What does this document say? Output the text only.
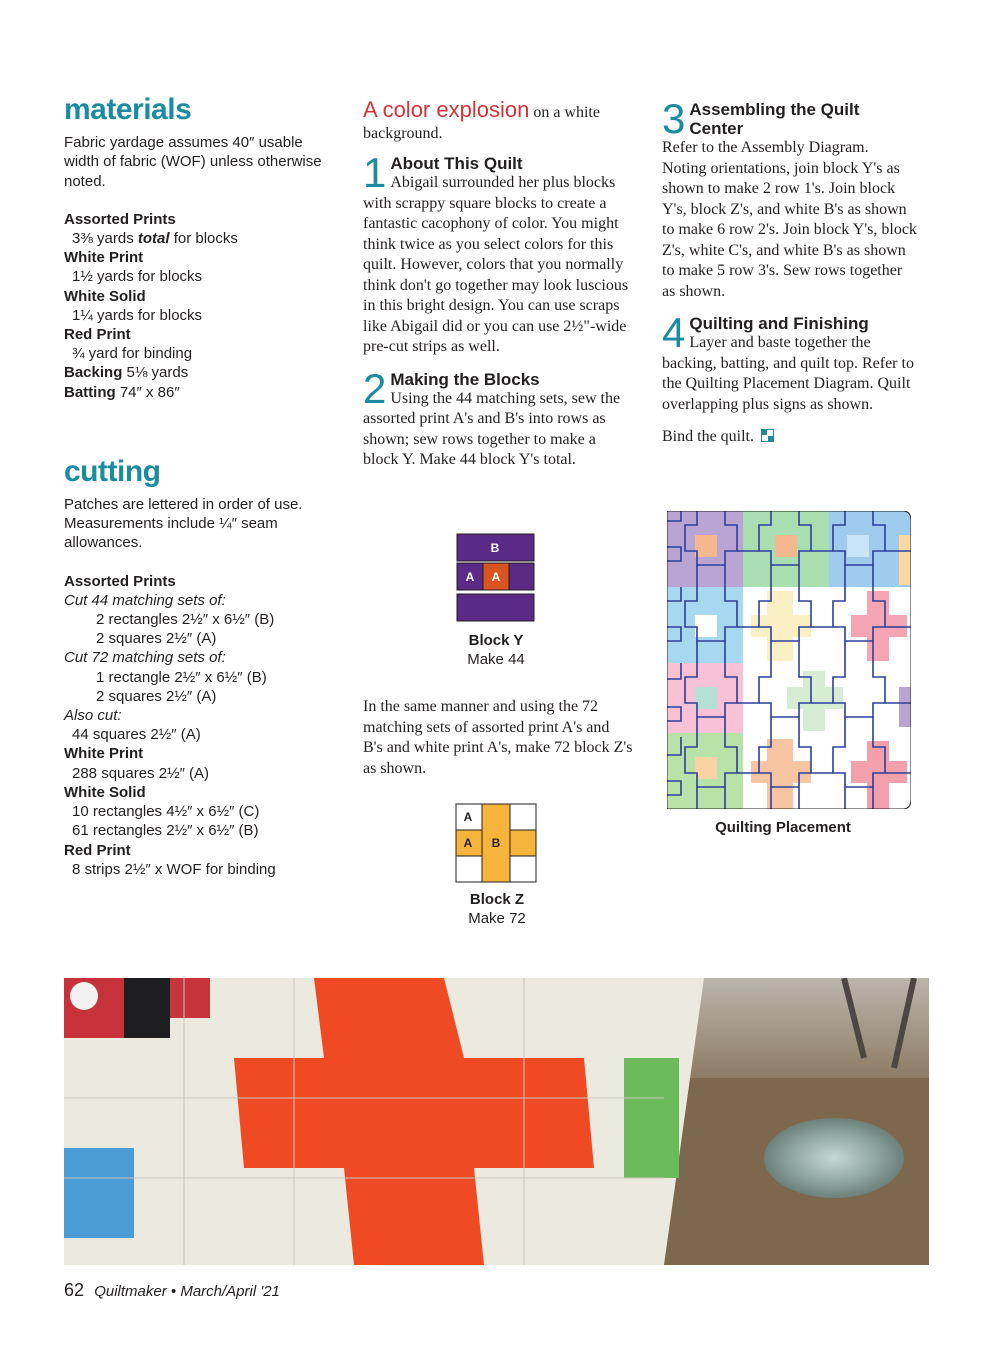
materials

Fabric yardage assumes 40″ usable width of fabric (WOF) unless otherwise noted.

Assorted Prints
3⅜ yards total for blocks
White Print
1½ yards for blocks
White Solid
1¼ yards for blocks
Red Print
¾ yard for binding
Backing 5⅛ yards
Batting 74″ x 86″
cutting

Patches are lettered in order of use. Measurements include ¼″ seam allowances.

Assorted Prints
Cut 44 matching sets of:
2 rectangles 2½″ x 6½″ (B)
2 squares 2½″ (A)
Cut 72 matching sets of:
1 rectangle 2½″ x 6½″ (B)
2 squares 2½″ (A)
Also cut:
44 squares 2½″ (A)
White Print
288 squares 2½″ (A)
White Solid
10 rectangles 4½″ x 6½″ (C)
61 rectangles 2½″ x 6½″ (B)
Red Print
8 strips 2½″ x WOF for binding
A color explosion on a white background.
1 About This Quilt
Abigail surrounded her plus blocks with scrappy square blocks to create a fantastic cacophony of color. You might think twice as you select colors for this quilt. However, colors that you normally think don't go together may look luscious in this bright design. You can use scraps like Abigail did or you can use 2½"-wide pre-cut strips as well.
2 Making the Blocks
Using the 44 matching sets, sew the assorted print A's and B's into rows as shown; sew rows together to make a block Y. Make 44 block Y's total.
B
A A
Block Y
Make 44
In the same manner and using the 72 matching sets of assorted print A's and B's and white print A's, make 72 block Z's as shown.
A
A B
Block Z
Make 72
3 Assembling the Quilt Center
Refer to the Assembly Diagram. Noting orientations, join block Y's as shown to make 2 row 1's. Join block Y's, block Z's, and white B's as shown to make 6 row 2's. Join block Y's, block Z's, white C's, and white B's as shown to make 5 row 3's. Sew rows together as shown.
4 Quilting and Finishing
Layer and baste together the backing, batting, and quilt top. Refer to the Quilting Placement Diagram. Quilt overlapping plus signs as shown.
Bind the quilt.
Quilting Placement
62 Quiltmaker • March/April '21
